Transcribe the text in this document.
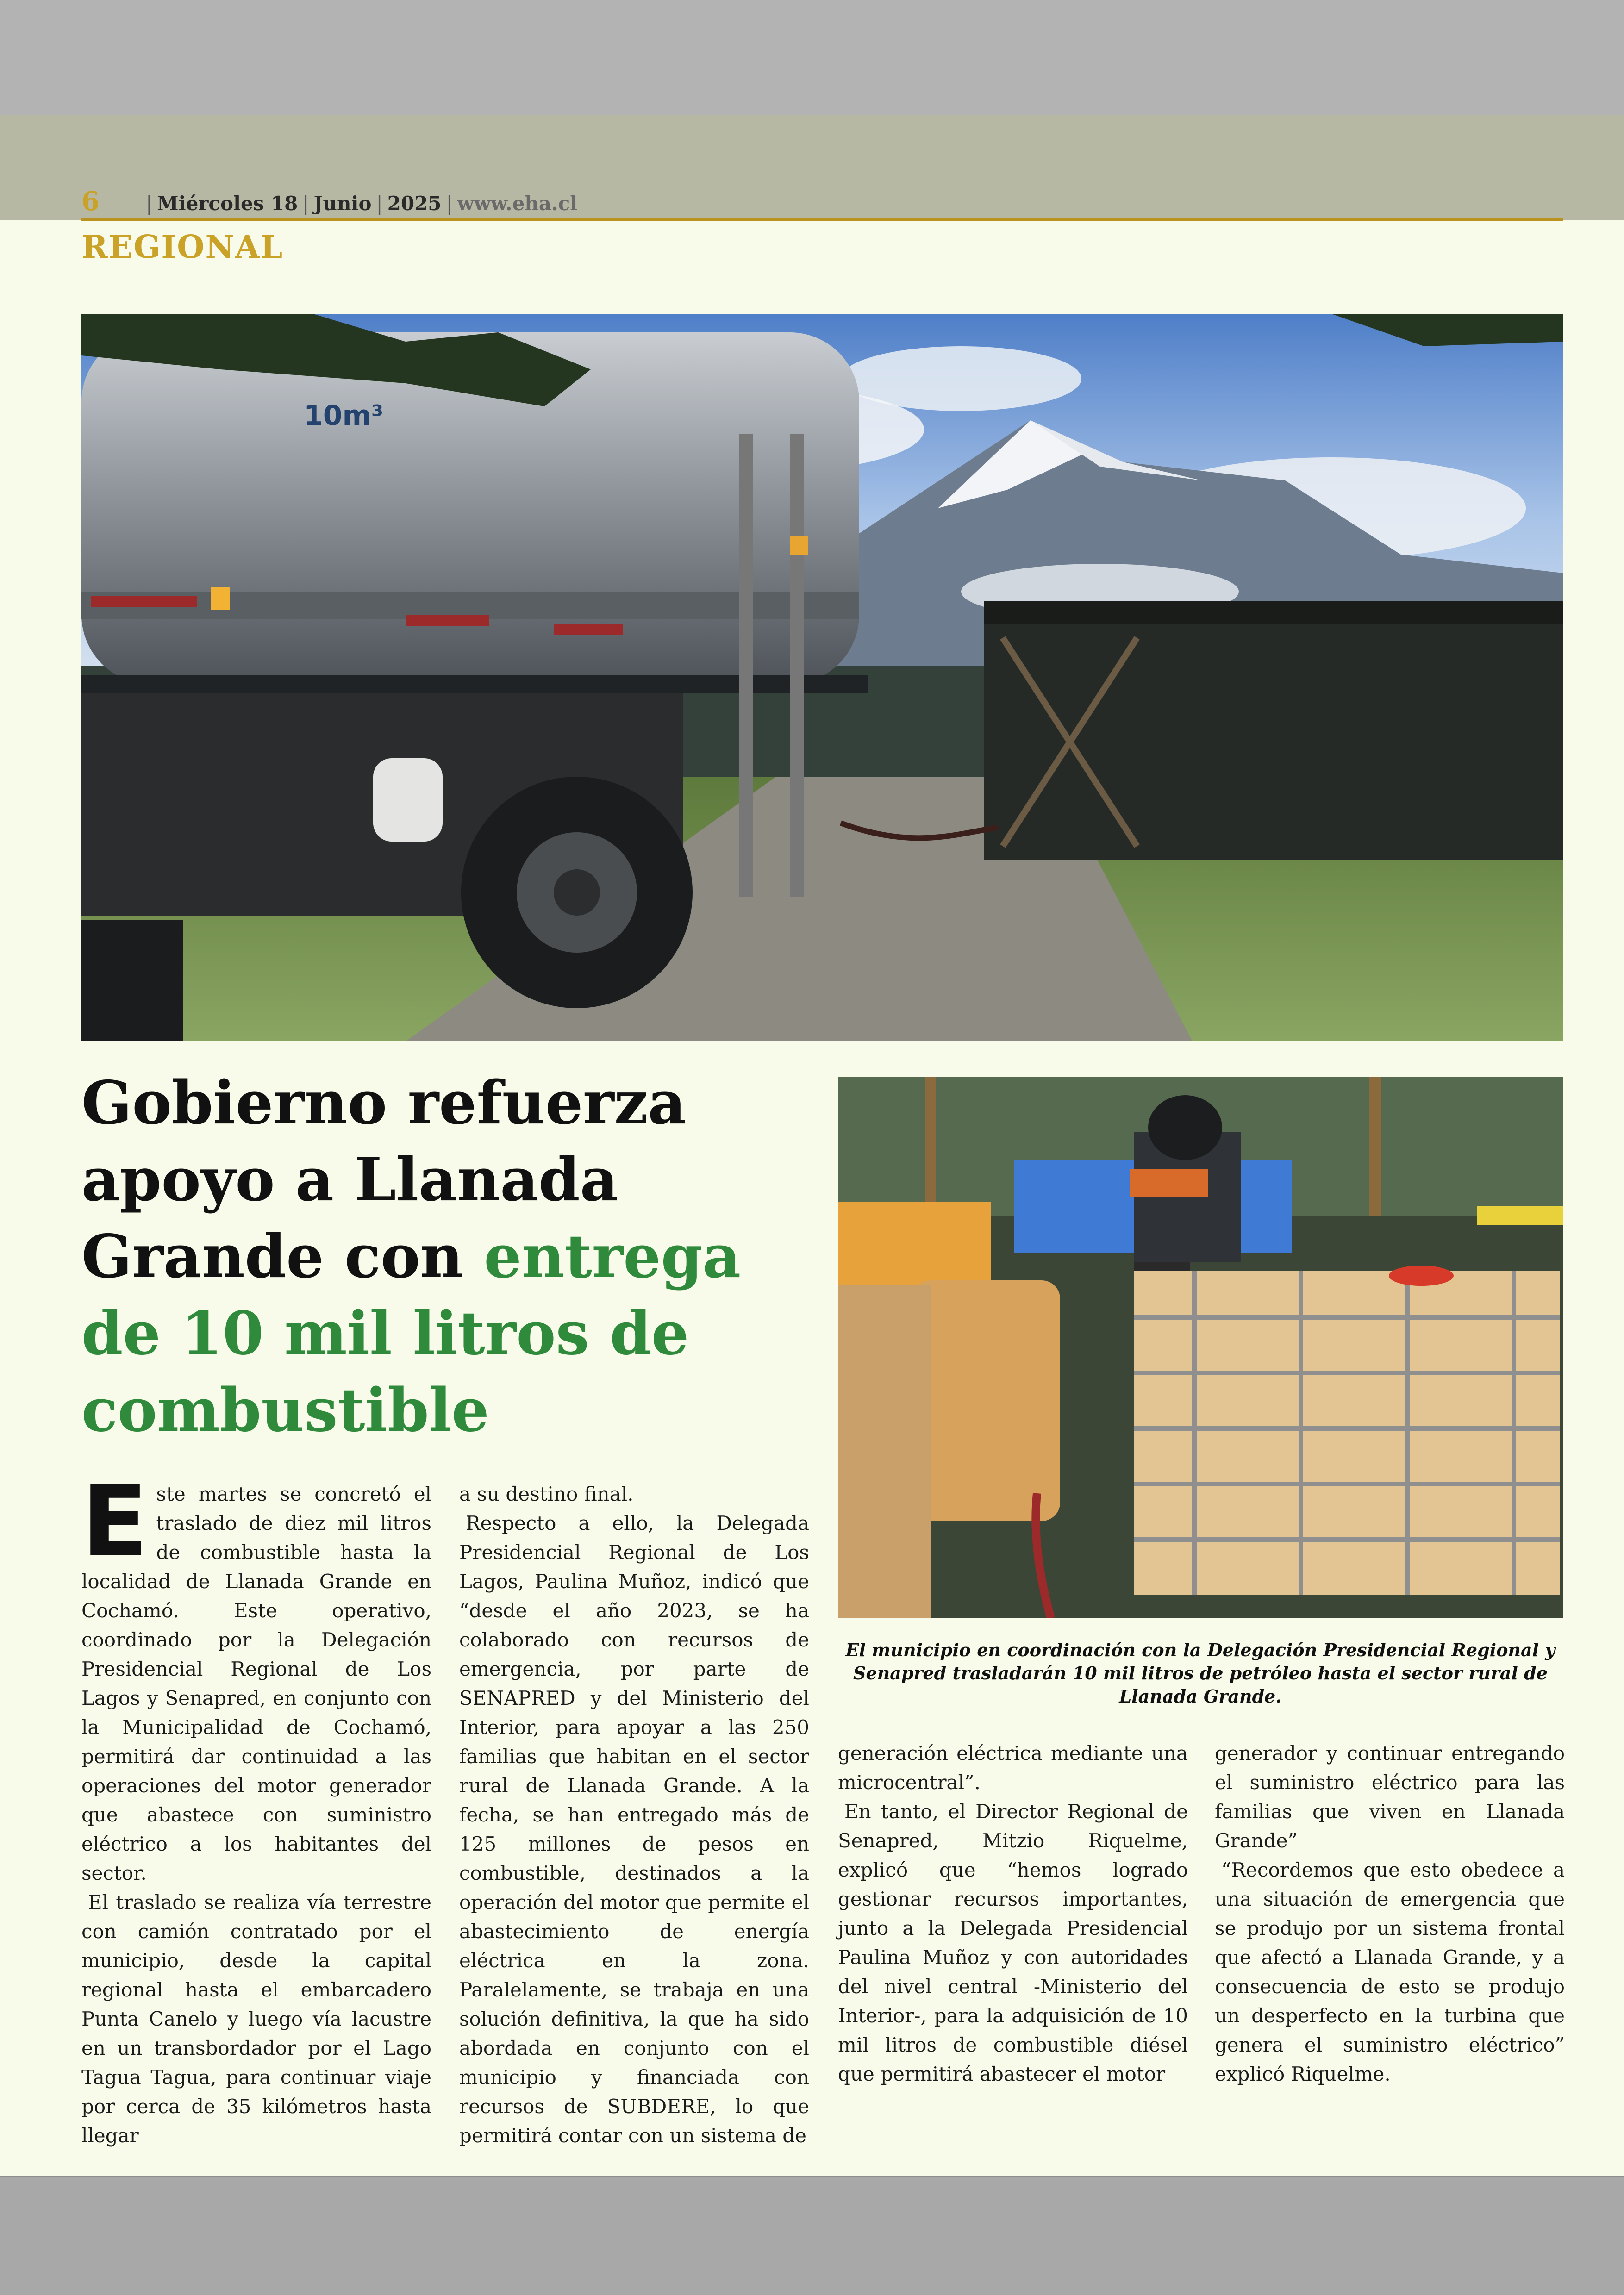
6 | Miércoles 18 | Junio | 2025 | www.eha.cl
REGIONAL
10m³
Gobierno refuerza apoyo a Llanada Grande con entrega de 10 mil litros de combustible
El municipio en coordinación con la Delegación Presidencial Regional y Senapred trasladarán 10 mil litros de petróleo hasta el sector rural de Llanada Grande.

Este martes se concretó el traslado de diez mil litros de combustible hasta la localidad de Llanada Grande en Cochamó. Este operativo, coordinado por la Delegación Presidencial Regional de Los Lagos y Senapred, en conjunto con la Municipalidad de Cochamó, permitirá dar continuidad a las operaciones del motor generador que abastece con suministro eléctrico a los habitantes del sector.

El traslado se realiza vía terrestre con camión contratado por el municipio, desde la capital regional hasta el embarcadero Punta Canelo y luego vía lacustre en un transbordador por el Lago Tagua Tagua, para continuar viaje por cerca de 35 kilómetros hasta llegar

a su destino final.

Respecto a ello, la Delegada Presidencial Regional de Los Lagos, Paulina Muñoz, indicó que “desde el año 2023, se ha colaborado con recursos de emergencia, por parte de SENAPRED y del Ministerio del Interior, para apoyar a las 250 familias que habitan en el sector rural de Llanada Grande. A la fecha, se han entregado más de 125 millones de pesos en combustible, destinados a la operación del motor que permite el abastecimiento de energía eléctrica en la zona. Paralelamente, se trabaja en una solución definitiva, la que ha sido abordada en conjunto con el municipio y financiada con recursos de SUBDERE, lo que permitirá contar con un sistema de

generación eléctrica mediante una microcentral”.

En tanto, el Director Regional de Senapred, Mitzio Riquelme, explicó que “hemos logrado gestionar recursos importantes, junto a la Delegada Presidencial Paulina Muñoz y con autoridades del nivel central -Ministerio del Interior-, para la adquisición de 10 mil litros de combustible diésel que permitirá abastecer el motor

generador y continuar entregando el suministro eléctrico para las familias que viven en Llanada Grande”

“Recordemos que esto obedece a una situación de emergencia que se produjo por un sistema frontal que afectó a Llanada Grande, y a consecuencia de esto se produjo un desperfecto en la turbina que genera el suministro eléctrico” explicó Riquelme.
